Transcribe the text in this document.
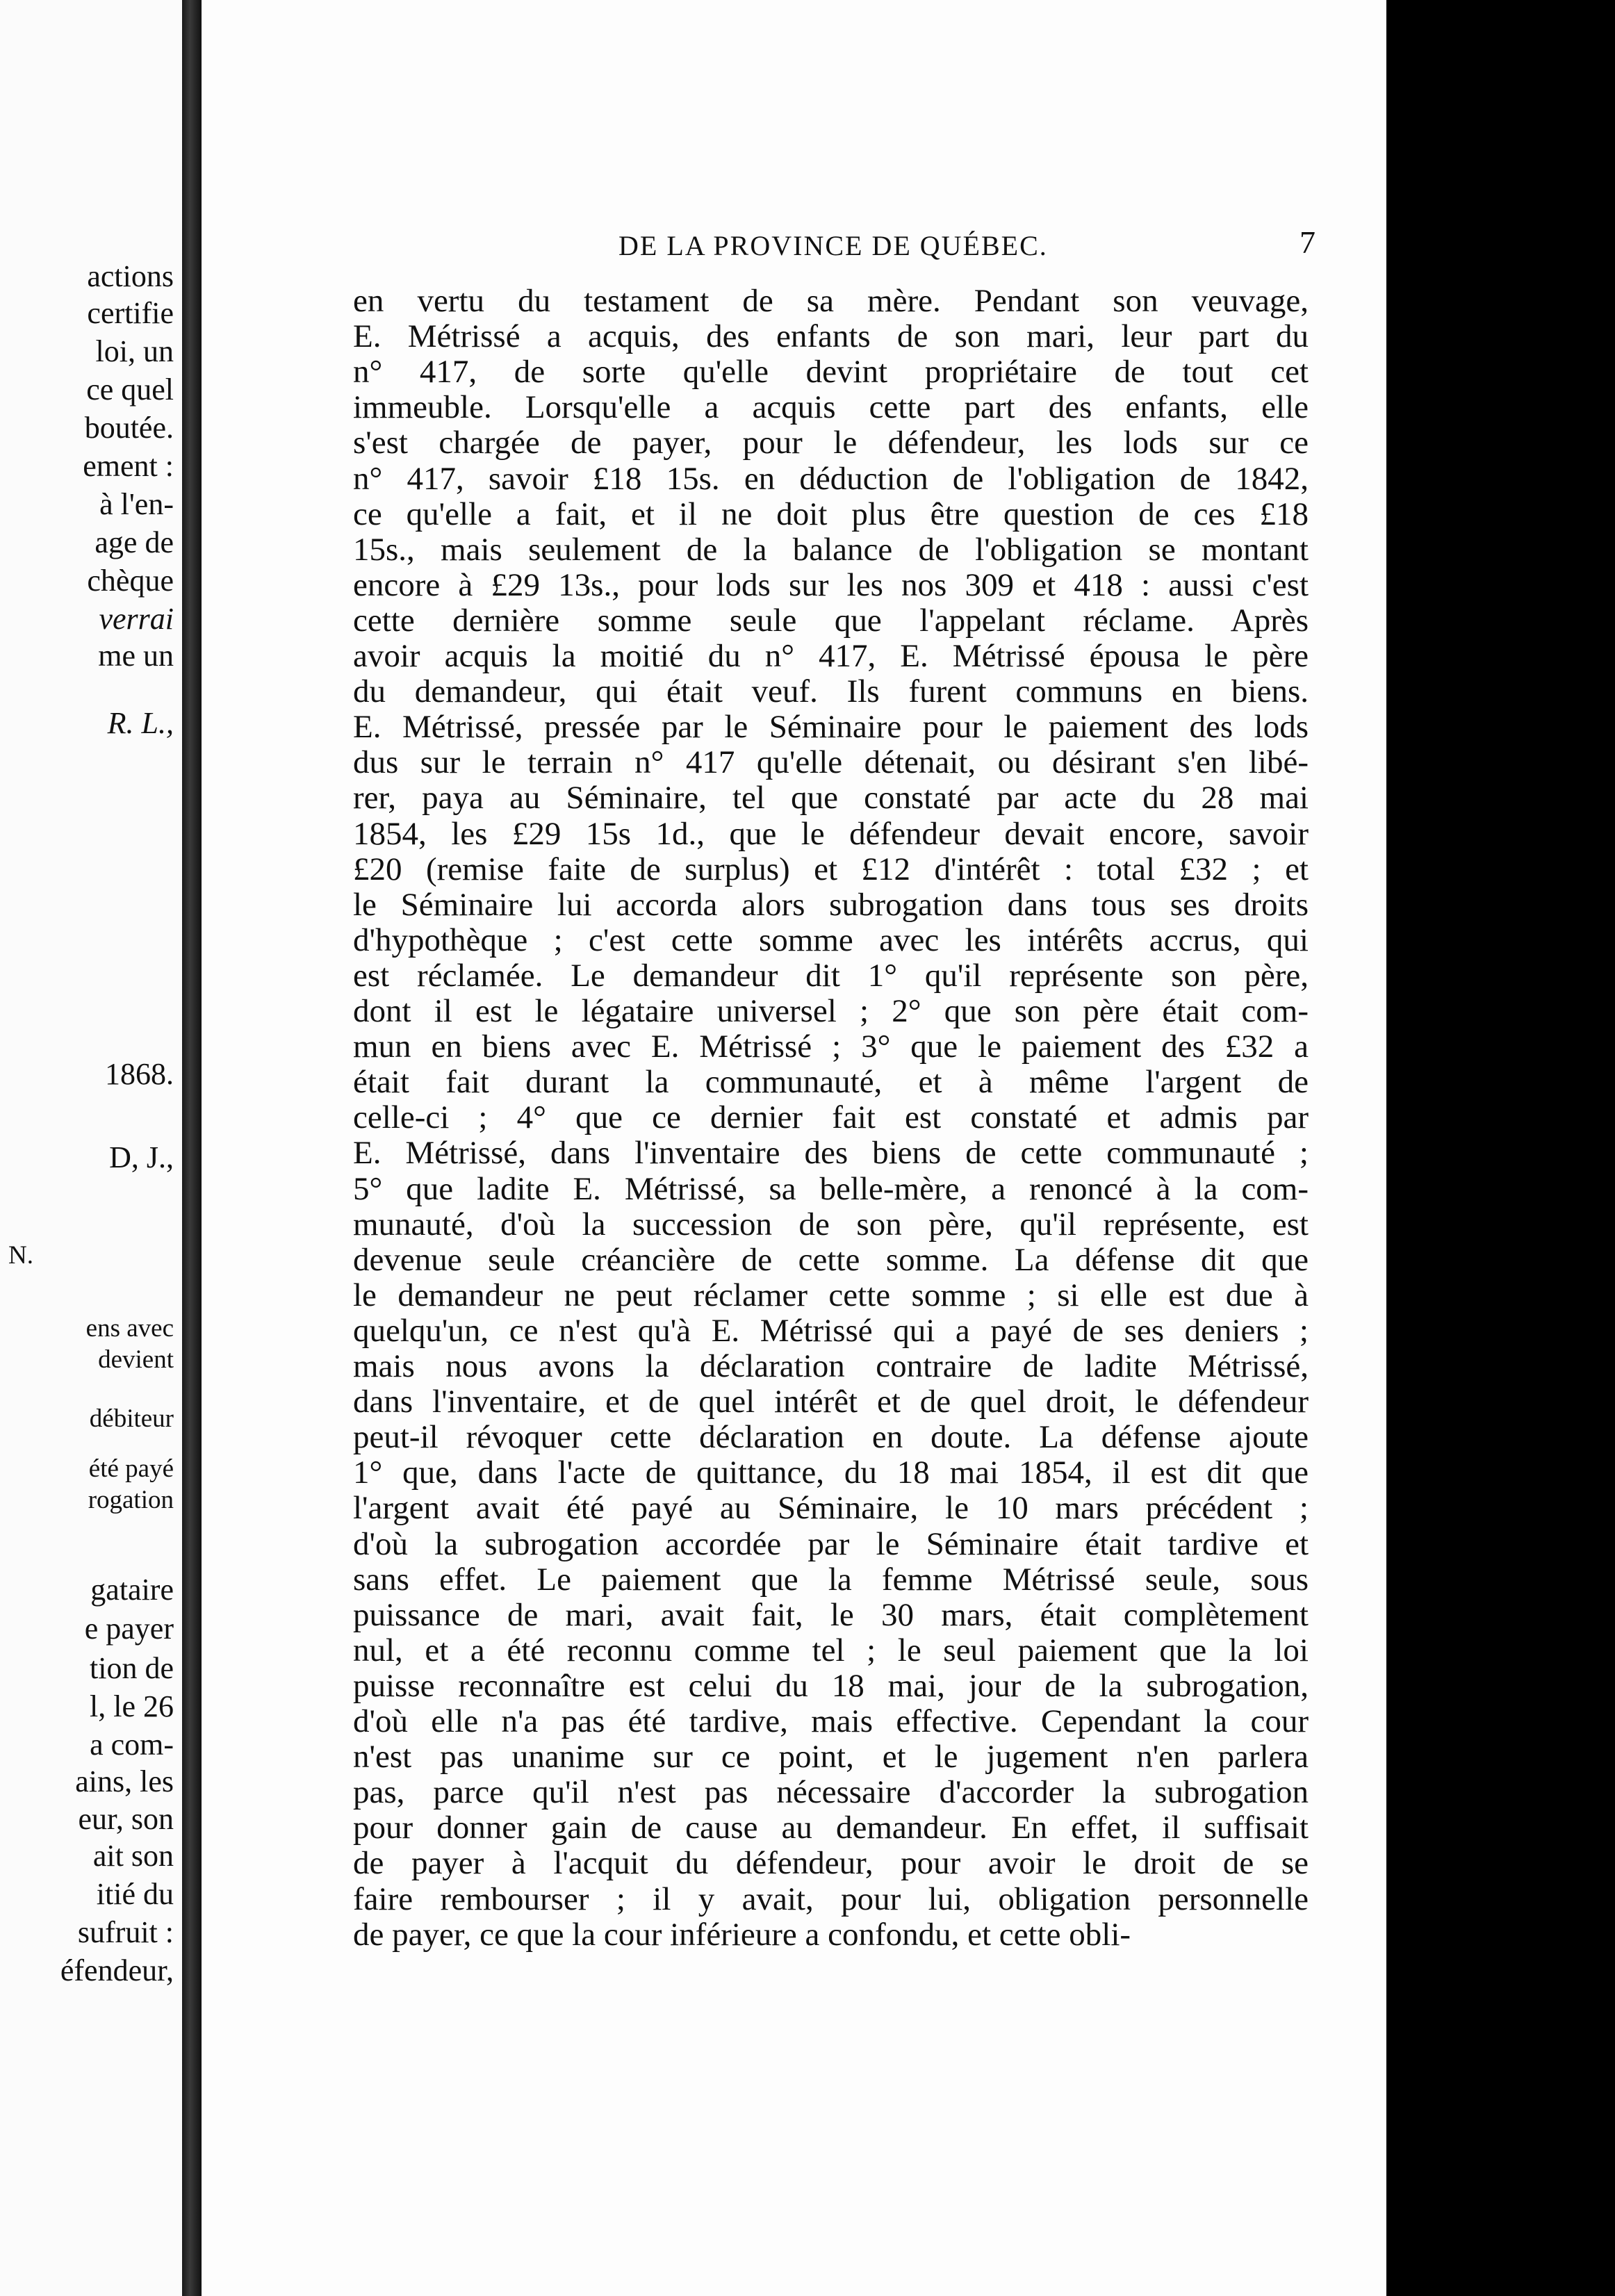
actions
certifie
loi, un
ce quel
boutée.
ement :
à l'en-
age de
chèque
verrai
me un
R. L.,
1868.
D, J.,
N.
ens avec
devient
débiteur
été payé
rogation
gataire
e payer
tion de
l, le 26
a com-
ains, les
eur, son
ait son
itié du
sufruit :
éfendeur,
DE LA PROVINCE DE QUÉBEC.	7
en vertu du testament de sa mère. Pendant son veuvage,
E. Métrissé a acquis, des enfants de son mari, leur part du
n° 417, de sorte qu'elle devint propriétaire de tout cet
immeuble. Lorsqu'elle a acquis cette part des enfants, elle
s'est chargée de payer, pour le défendeur, les lods sur ce
n° 417, savoir £18 15s. en déduction de l'obligation de 1842,
ce qu'elle a fait, et il ne doit plus être question de ces £18
15s., mais seulement de la balance de l'obligation se montant
encore à £29 13s., pour lods sur les nos 309 et 418 : aussi c'est
cette dernière somme seule que l'appelant réclame. Après
avoir acquis la moitié du n° 417, E. Métrissé épousa le père
du demandeur, qui était veuf. Ils furent communs en biens.
E. Métrissé, pressée par le Séminaire pour le paiement des lods
dus sur le terrain n° 417 qu'elle détenait, ou désirant s'en libé-
rer, paya au Séminaire, tel que constaté par acte du 28 mai
1854, les £29 15s 1d., que le défendeur devait encore, savoir
£20 (remise faite de surplus) et £12 d'intérêt : total £32 ; et
le Séminaire lui accorda alors subrogation dans tous ses droits
d'hypothèque ; c'est cette somme avec les intérêts accrus, qui
est réclamée. Le demandeur dit 1° qu'il représente son père,
dont il est le légataire universel ; 2° que son père était com-
mun en biens avec E. Métrissé ; 3° que le paiement des £32 a
était fait durant la communauté, et à même l'argent de
celle-ci ; 4° que ce dernier fait est constaté et admis par
E. Métrissé, dans l'inventaire des biens de cette communauté ;
5° que ladite E. Métrissé, sa belle-mère, a renoncé à la com-
munauté, d'où la succession de son père, qu'il représente, est
devenue seule créancière de cette somme. La défense dit que
le demandeur ne peut réclamer cette somme ; si elle est due à
quelqu'un, ce n'est qu'à E. Métrissé qui a payé de ses deniers ;
mais nous avons la déclaration contraire de ladite Métrissé,
dans l'inventaire, et de quel intérêt et de quel droit, le défendeur
peut-il révoquer cette déclaration en doute. La défense ajoute
1° que, dans l'acte de quittance, du 18 mai 1854, il est dit que
l'argent avait été payé au Séminaire, le 10 mars précédent ;
d'où la subrogation accordée par le Séminaire était tardive et
sans effet. Le paiement que la femme Métrissé seule, sous
puissance de mari, avait fait, le 30 mars, était complètement
nul, et a été reconnu comme tel ; le seul paiement que la loi
puisse reconnaître est celui du 18 mai, jour de la subrogation,
d'où elle n'a pas été tardive, mais effective. Cependant la cour
n'est pas unanime sur ce point, et le jugement n'en parlera
pas, parce qu'il n'est pas nécessaire d'accorder la subrogation
pour donner gain de cause au demandeur. En effet, il suffisait
de payer à l'acquit du défendeur, pour avoir le droit de se
faire rembourser ; il y avait, pour lui, obligation personnelle
de payer, ce que la cour inférieure a confondu, et cette obli-
